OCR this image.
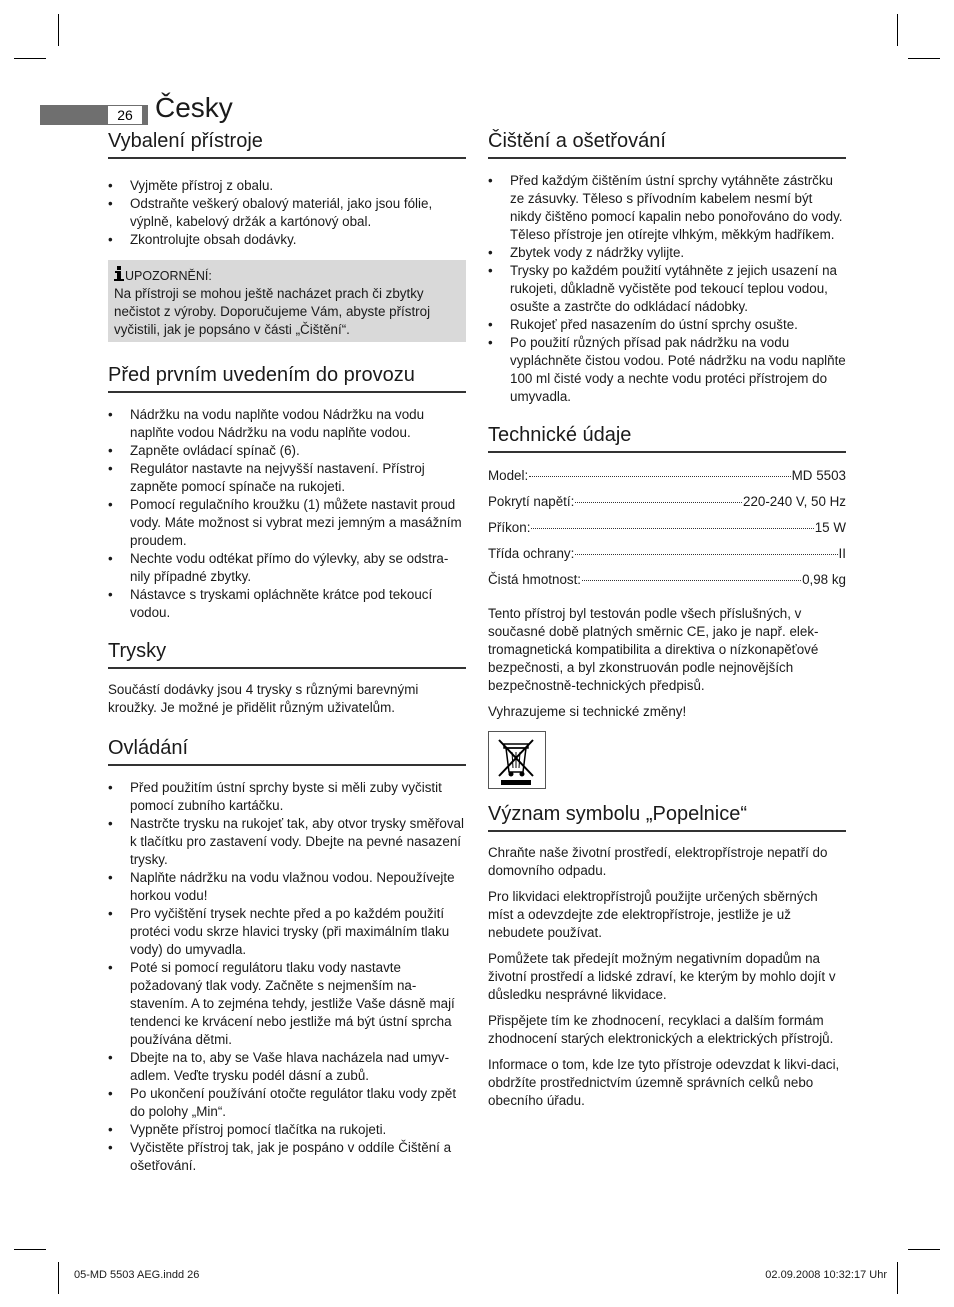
26 Česky
Vybalení přístroje
• Vyjměte přístroj z obalu.
• Odstraňte veškerý obalový materiál, jako jsou fólie, výplně, kabelový držák a kartónový obal.
• Zkontrolujte obsah dodávky.
UPOZORNĚNÍ:

Na přístroji se mohou ještě nacházet prach či zbytky nečistot z výroby. Doporučujeme Vám, abyste přístroj vyčistili, jak je popsáno v části „Čištění“.

Před prvním uvedením do provozu
• Nádržku na vodu naplňte vodou Nádržku na vodu naplňte vodou Nádržku na vodu naplňte vodou.
• Zapněte ovládací spínač (6).
• Regulátor nastavte na nejvyšší nastavení. Přístroj zapněte pomocí spínače na rukojeti.
• Pomocí regulačního kroužku (1) můžete nastavit proud vody. Máte možnost si vybrat mezi jemným a masážním proudem.
• Nechte vodu odtékat přímo do výlevky, aby se odstra-nily případné zbytky.
• Nástavce s tryskami opláchněte krátce pod tekoucí vodou.
Trysky

Součástí dodávky jsou 4 trysky s různými barevnými kroužky. Je možné je přidělit různým uživatelům.

Ovládání
• Před použitím ústní sprchy byste si měli zuby vyčistit pomocí zubního kartáčku.
• Nastrčte trysku na rukojeť tak, aby otvor trysky směřoval k tlačítku pro zastavení vody. Dbejte na pevné nasazení trysky.
• Naplňte nádržku na vodu vlažnou vodou. Nepoužívejte horkou vodu!
• Pro vyčištění trysek nechte před a po každém použití protéci vodu skrze hlavici trysky (při maximálním tlaku vody) do umyvadla.
• Poté si pomocí regulátoru tlaku vody nastavte požadovaný tlak vody. Začněte s nejmenším na-stavením. A to zejména tehdy, jestliže Vaše dásně mají tendenci ke krvácení nebo jestliže má být ústní sprcha používána dětmi.
• Dbejte na to, aby se Vaše hlava nacházela nad umyv-adlem. Veďte trysku podél dásní a zubů.
• Po ukončení používání otočte regulátor tlaku vody zpět do polohy „Min“.
• Vypněte přístroj pomocí tlačítka na rukojeti.
• Vyčistěte přístroj tak, jak je pospáno v oddíle Čištění a ošetřování.
Čištění a ošetřování
• Před každým čištěním ústní sprchy vytáhněte zástrčku ze zásuvky. Těleso s přívodním kabelem nesmí být nikdy čištěno pomocí kapalin nebo ponořováno do vody. Těleso přístroje jen otírejte vlhkým, měkkým hadříkem.
• Zbytek vody z nádržky vylijte.
• Trysky po každém použití vytáhněte z jejich usazení na rukojeti, důkladně vyčistěte pod tekoucí teplou vodou, osušte a zastrčte do odkládací nádobky.
• Rukojeť před nasazením do ústní sprchy osušte.
• Po použití různých přísad pak nádržku na vodu vypláchněte čistou vodou. Poté nádržku na vodu naplňte 100 ml čisté vody a nechte vodu protéci přístrojem do umyvadla.
Technické údaje
Model:	MD 5503
Pokrytí napětí:	220-240 V, 50 Hz
Příkon:	15 W
Třída ochrany:	II
Čistá hmotnost:	0,98 kg

Tento přístroj byl testován podle všech příslušných, v současné době platných směrnic CE, jako je např. elek-tromagnetická kompatibilita a direktiva o nízkonapěťové bezpečnosti, a byl zkonstruován podle nejnovějších bezpečnostně-technických předpisů.

Vyhrazujeme si technické změny!

Význam symbolu „Popelnice“

Chraňte naše životní prostředí, elektropřístroje nepatří do domovního odpadu.

Pro likvidaci elektropřístrojů použijte určených sběrných míst a odevzdejte zde elektropřístroje, jestliže je už nebudete používat.

Pomůžete tak předejít možným negativním dopadům na životní prostředí a lidské zdraví, ke kterým by mohlo dojít v důsledku nesprávné likvidace.

Přispějete tím ke zhodnocení, recyklaci a dalším formám zhodnocení starých elektronických a elektrických přístrojů.

Informace o tom, kde lze tyto přístroje odevzdat k likvi-daci, obdržíte prostřednictvím územně správních celků nebo obecního úřadu.

05-MD 5503 AEG.indd 26	02.09.2008 10:32:17 Uhr
